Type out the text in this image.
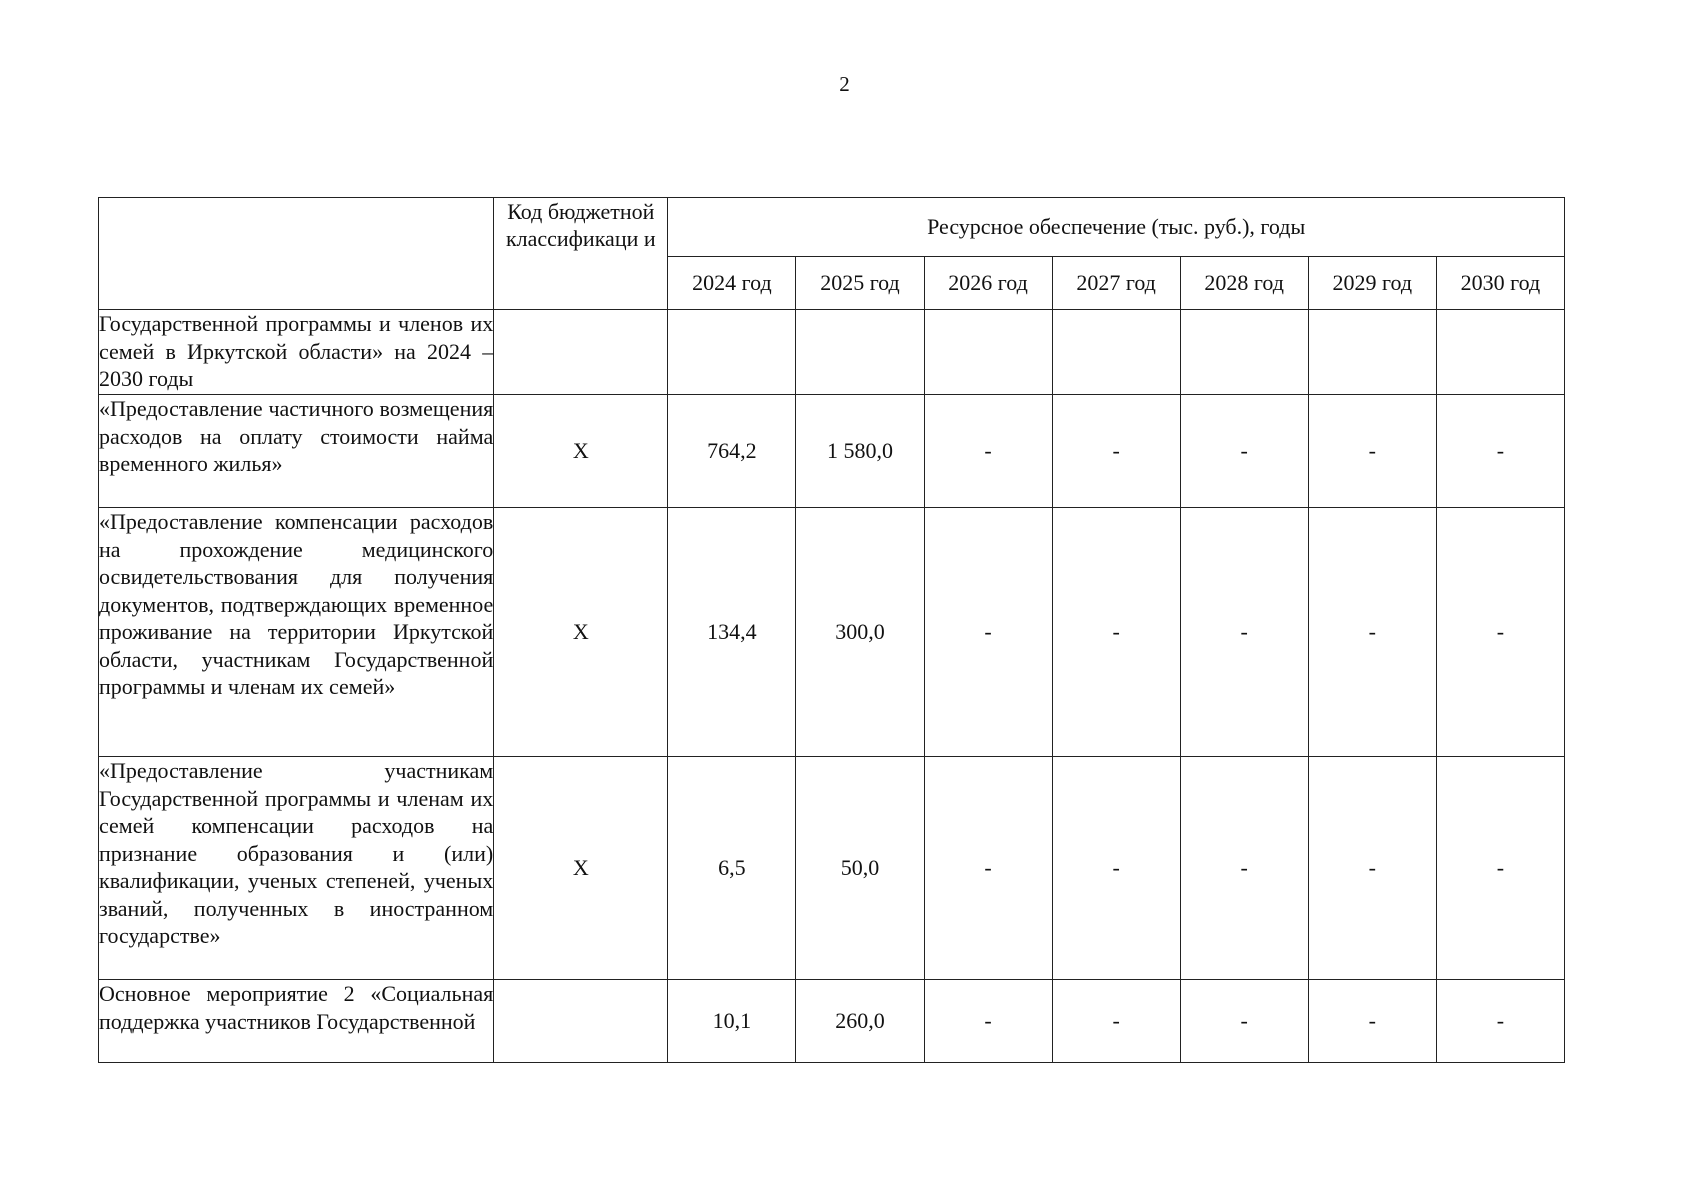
2
	Код бюджетной классификаци и	Ресурсное обеспечение (тыс. руб.), годы						
		2024 год	2025 год	2026 год	2027 год	2028 год	2029 год	2030 год
Государственной программы и членов их семей в Иркутской области» на 2024 – 2030 годы								
«Предоставление частичного возмещения расходов на оплату стоимости найма временного жилья»	X	764,2	1 580,0	-	-	-	-	-
«Предоставление компенсации расходов на прохождение медицинского освидетельствования для получения документов, подтверждающих временное проживание на территории Иркутской области, участникам Государственной программы и членам их семей»	X	134,4	300,0	-	-	-	-	-
«Предоставление участникам Государственной программы и членам их семей компенсации расходов на признание образования и (или) квалификации, ученых степеней, ученых званий, полученных в иностранном государстве»	X	6,5	50,0	-	-	-	-	-
Основное мероприятие 2 «Социальная поддержка участников Государственной		10,1	260,0	-	-	-	-	-
